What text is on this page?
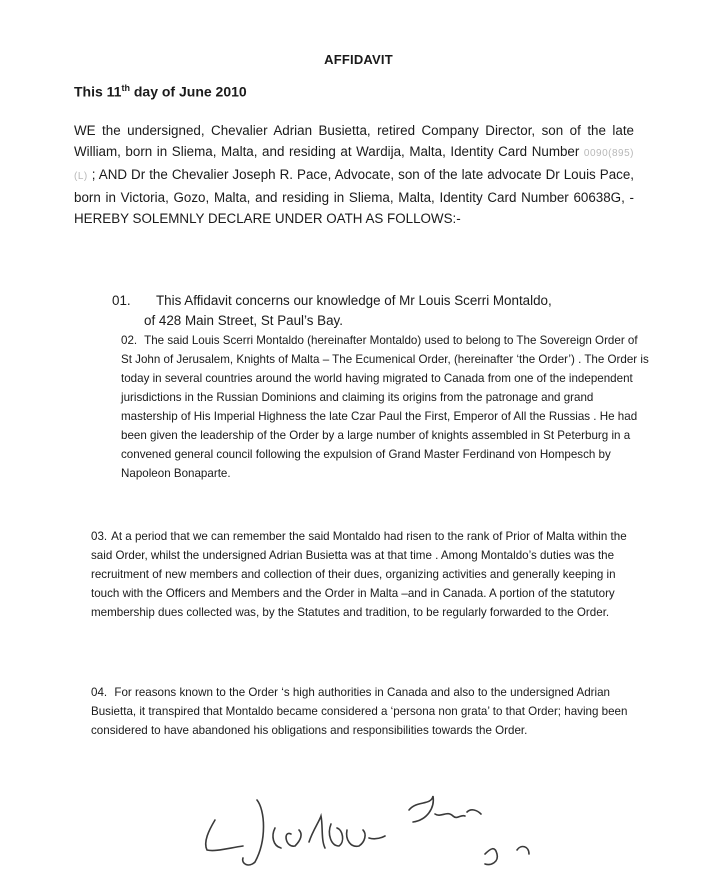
AFFIDAVIT
This 11th day of June 2010
WE the undersigned, Chevalier Adrian Busietta, retired Company Director, son of the late William, born in Sliema, Malta, and residing at Wardija, Malta, Identity Card Number 0090(895)(L) ; AND Dr the Chevalier Joseph R. Pace, Advocate, son of the late advocate Dr Louis Pace, born in Victoria, Gozo, Malta, and residing in Sliema, Malta, Identity Card Number 60638G, - HEREBY SOLEMNLY DECLARE UNDER OATH AS FOLLOWS:-
01. This Affidavit concerns our knowledge of Mr Louis Scerri Montaldo,
of 428 Main Street, St Paul’s Bay.
02. The said Louis Scerri Montaldo (hereinafter Montaldo) used to belong to The Sovereign Order of St John of Jerusalem, Knights of Malta – The Ecumenical Order, (hereinafter ‘the Order’) . The Order is today in several countries around the world having migrated to Canada from one of the independent jurisdictions in the Russian Dominions and claiming its origins from the patronage and grand mastership of His Imperial Highness the late Czar Paul the First, Emperor of All the Russias . He had been given the leadership of the Order by a large number of knights assembled in St Peterburg in a convened general council following the expulsion of Grand Master Ferdinand von Hompesch by Napoleon Bonaparte.
03. At a period that we can remember the said Montaldo had risen to the rank of Prior of Malta within the said Order, whilst the undersigned Adrian Busietta was at that time . Among Montaldo’s duties was the recruitment of new members and collection of their dues, organizing activities and generally keeping in touch with the Officers and Members and the Order in Malta –and in Canada. A portion of the statutory membership dues collected was, by the Statutes and tradition, to be regularly forwarded to the Order.
04. For reasons known to the Order ‘s high authorities in Canada and also to the undersigned Adrian Busietta, it transpired that Montaldo became considered a ‘persona non grata’ to that Order; having been considered to have abandoned his obligations and responsibilities towards the Order.
